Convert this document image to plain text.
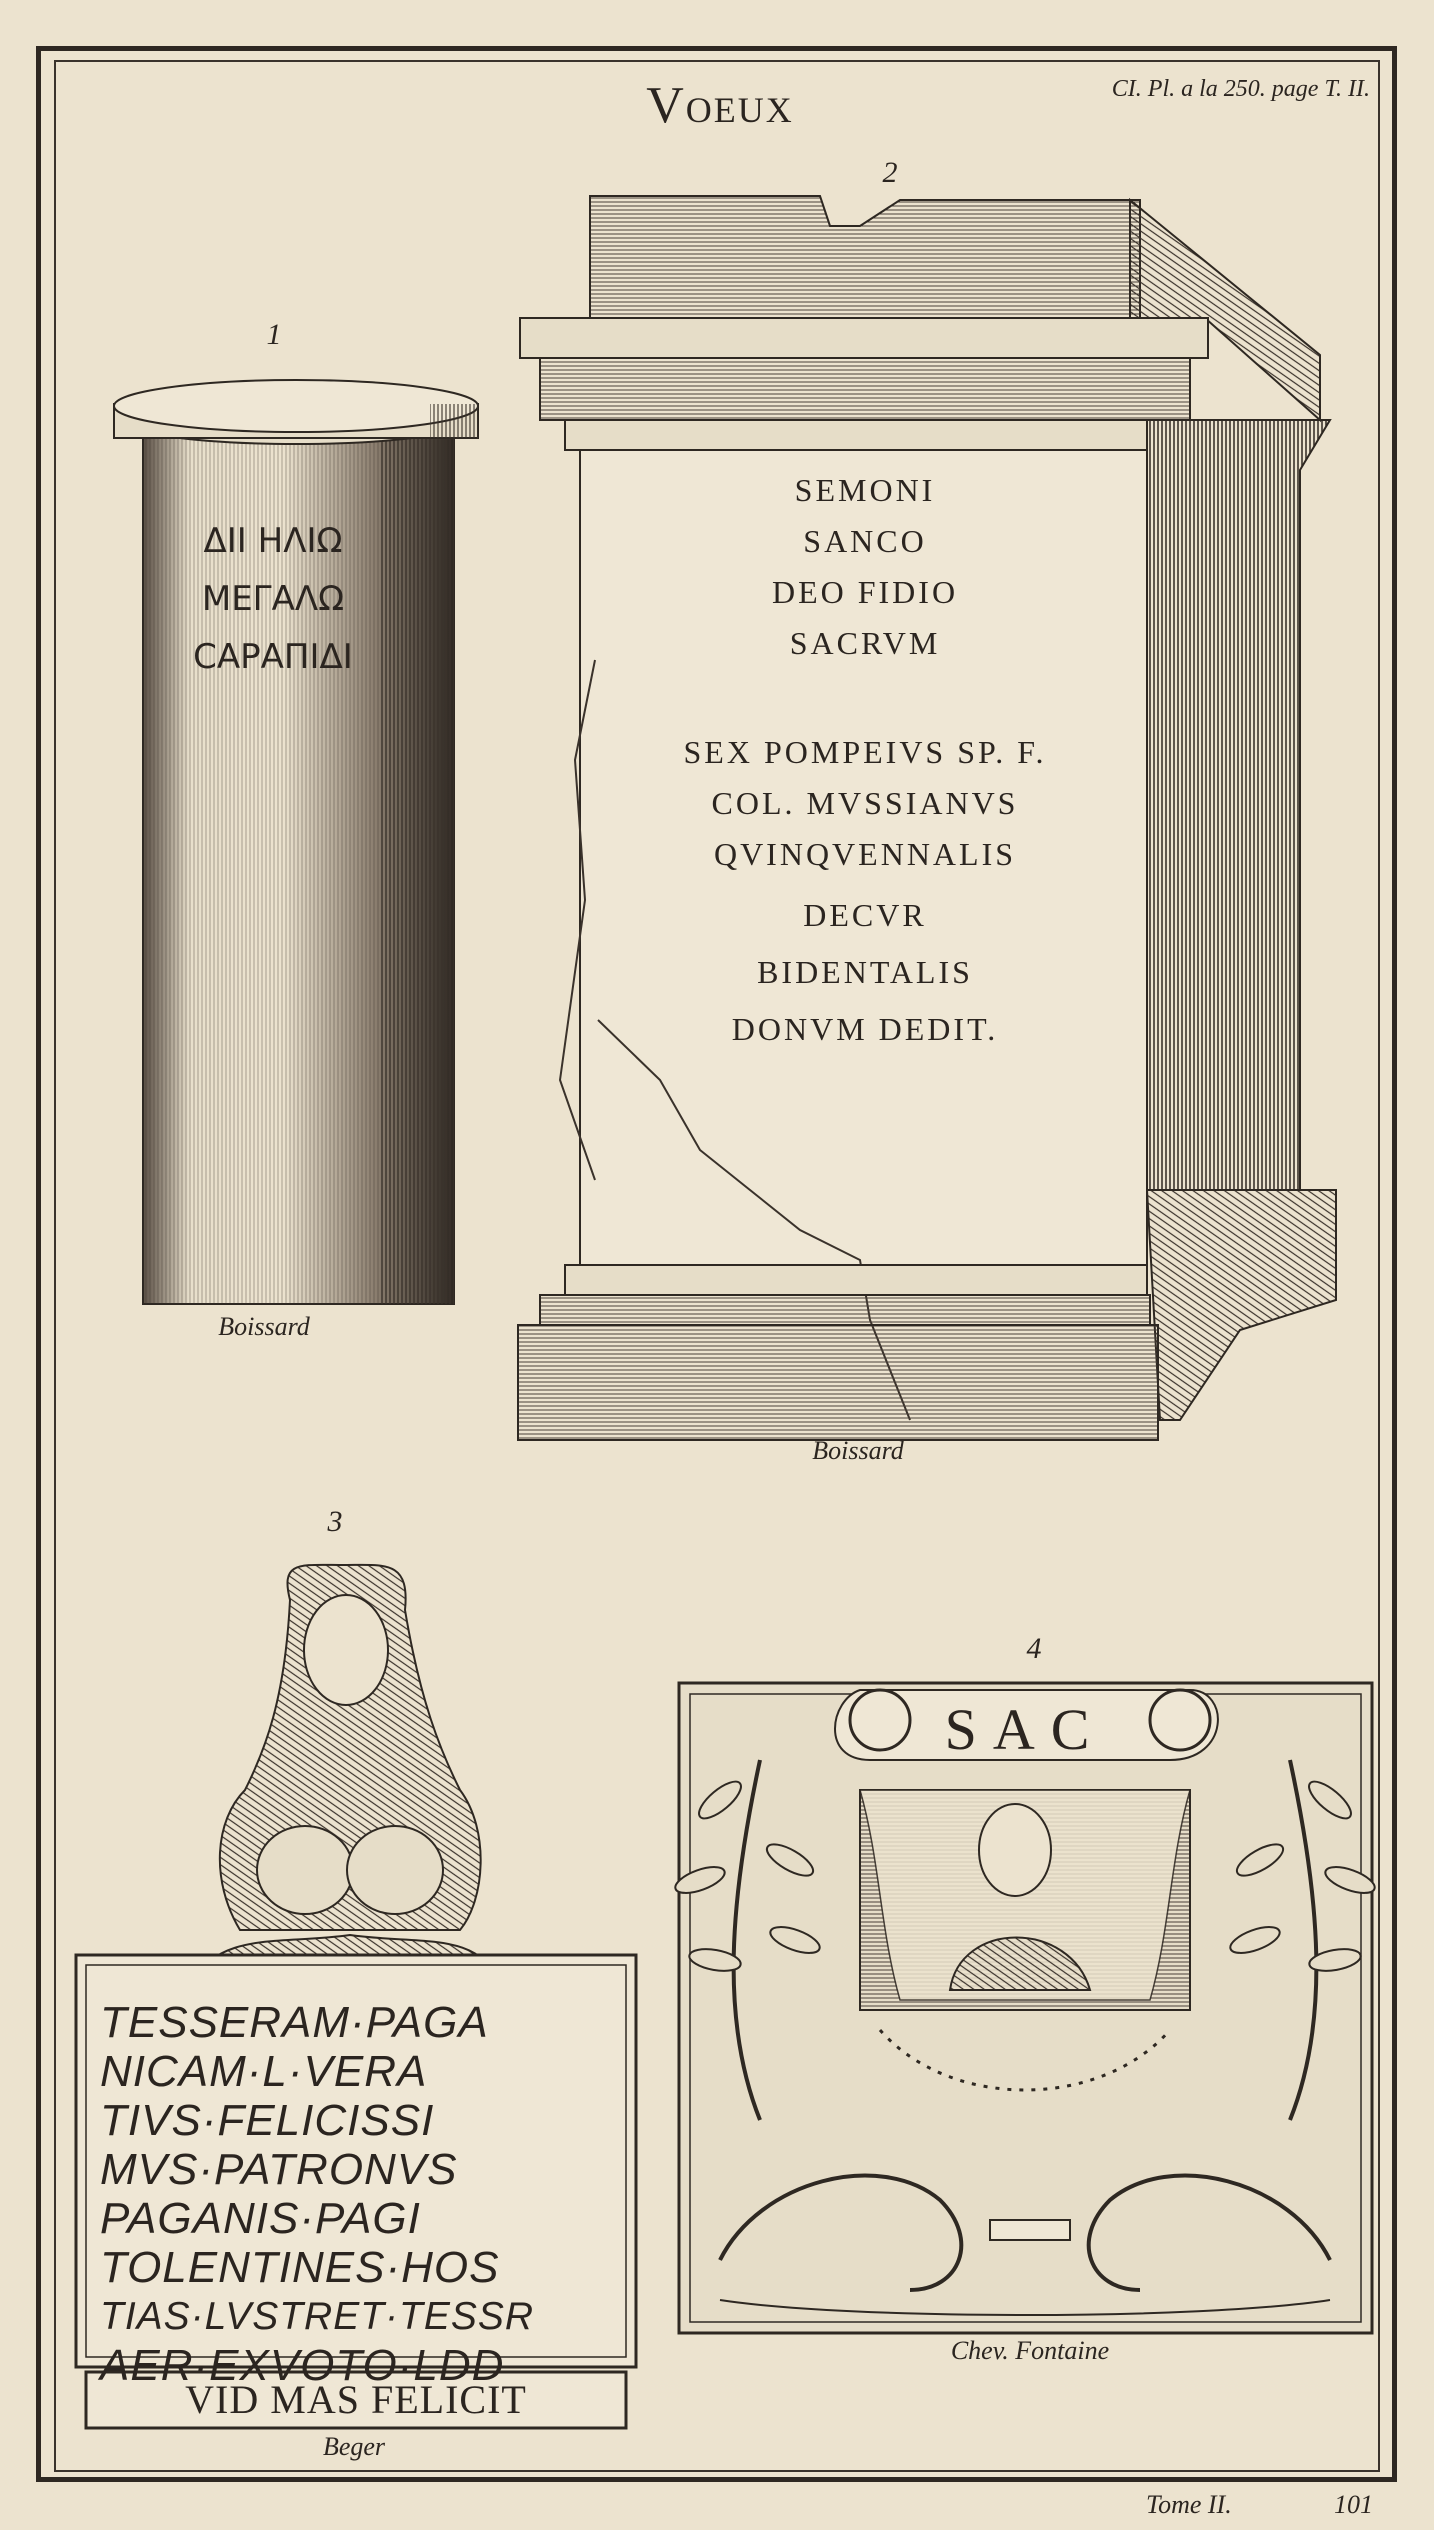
Voeux	CI. Pl. a la 250. page T. II.
1
ΔΙΙ ΗΛΙΩ
ΜΕΓΑΛΩ
CΑΡΑΠΙΔΙ
Boissard
2
SEMONI
SANCO
DEO FIDIO
SACRVM
SEX POMPEIVS SP. F.
COL. MVSSIANVS
QVINQVENNALIS
DECVR
BIDENTALIS
DONVM DEDIT.
Boissard
3
TESSERAM·PAGA
NICAM·L·VERA
TIVS·FELICISSI
MVS·PATRONVS
PAGANIS·PAGI
TOLENTINES·HOS
TIAS·LVSTRET·TESSR
AER·EXVOTO·LDD
VID MAS FELICIT
Beger
4
SAC
Chev. Fontaine
Tome II.	101
